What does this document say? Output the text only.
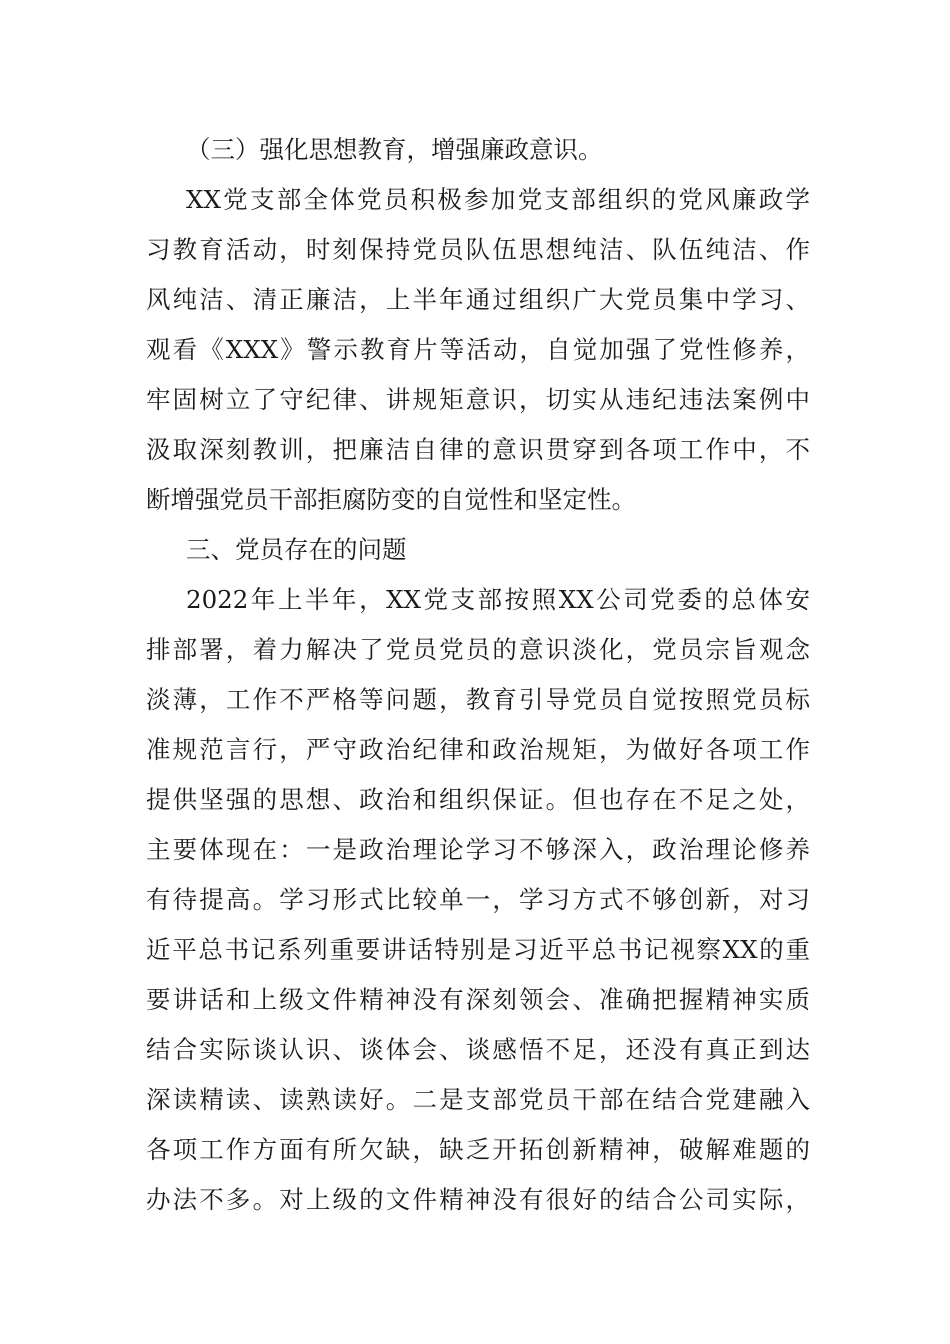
（三）强化思想教育，增强廉政意识。
XX党支部全体党员积极参加党支部组织的党风廉政学
习教育活动，时刻保持党员队伍思想纯洁、队伍纯洁、作
风纯洁、清正廉洁，上半年通过组织广大党员集中学习、
观看《XXX》警示教育片等活动，自觉加强了党性修养，
牢固树立了守纪律、讲规矩意识，切实从违纪违法案例中
汲取深刻教训，把廉洁自律的意识贯穿到各项工作中，不
断增强党员干部拒腐防变的自觉性和坚定性。
三、党员存在的问题
2022年上半年，XX党支部按照XX公司党委的总体安
排部署，着力解决了党员党员的意识淡化，党员宗旨观念
淡薄，工作不严格等问题，教育引导党员自觉按照党员标
准规范言行，严守政治纪律和政治规矩，为做好各项工作
提供坚强的思想、政治和组织保证。但也存在不足之处，
主要体现在：一是政治理论学习不够深入，政治理论修养
有待提高。学习形式比较单一，学习方式不够创新，对习
近平总书记系列重要讲话特别是习近平总书记视察XX的重
要讲话和上级文件精神没有深刻领会、准确把握精神实质
结合实际谈认识、谈体会、谈感悟不足，还没有真正到达
深读精读、读熟读好。二是支部党员干部在结合党建融入
各项工作方面有所欠缺，缺乏开拓创新精神，破解难题的
办法不多。对上级的文件精神没有很好的结合公司实际，
